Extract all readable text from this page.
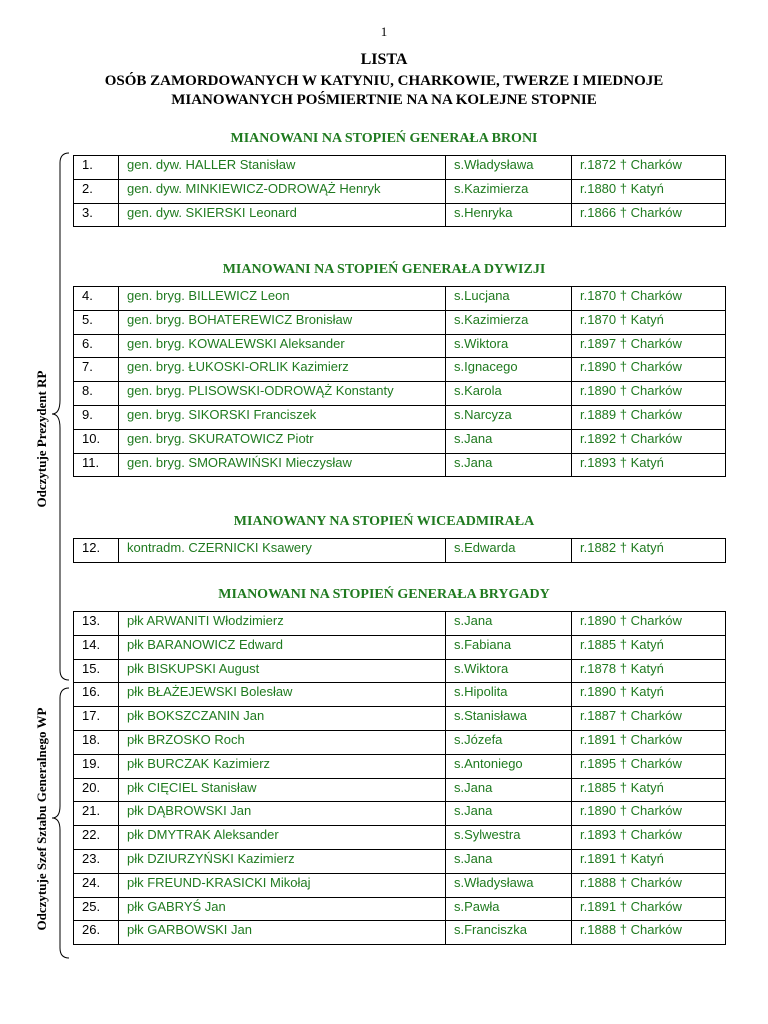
1
LISTA
OSÓB ZAMORDOWANYCH W KATYNIU, CHARKOWIE, TWERZE I MIEDNOJE
MIANOWANYCH POŚMIERTNIE NA NA KOLEJNE STOPNIE
MIANOWANI NA STOPIEŃ GENERAŁA BRONI
1.	gen. dyw. HALLER Stanisław	s.Władysława	r.1872 † Charków
2.	gen. dyw. MINKIEWICZ-ODROWĄŻ Henryk	s.Kazimierza	r.1880 † Katyń
3.	gen. dyw. SKIERSKI Leonard	s.Henryka	r.1866 † Charków
MIANOWANI NA STOPIEŃ GENERAŁA DYWIZJI
4.	gen. bryg. BILLEWICZ Leon	s.Lucjana	r.1870 † Charków
5.	gen. bryg. BOHATEREWICZ Bronisław	s.Kazimierza	r.1870 † Katyń
6.	gen. bryg. KOWALEWSKI Aleksander	s.Wiktora	r.1897 † Charków
7.	gen. bryg. ŁUKOSKI-ORLIK Kazimierz	s.Ignacego	r.1890 † Charków
8.	gen. bryg. PLISOWSKI-ODROWĄŻ Konstanty	s.Karola	r.1890 † Charków
9.	gen. bryg. SIKORSKI Franciszek	s.Narcyza	r.1889 † Charków
10.	gen. bryg. SKURATOWICZ Piotr	s.Jana	r.1892 † Charków
11.	gen. bryg. SMORAWIŃSKI Mieczysław	s.Jana	r.1893 † Katyń
MIANOWANY NA STOPIEŃ WICEADMIRAŁA
12.	kontradm. CZERNICKI Ksawery	s.Edwarda	r.1882 † Katyń
MIANOWANI NA STOPIEŃ GENERAŁA BRYGADY
13.	płk ARWANITI Włodzimierz	s.Jana	r.1890 † Charków
14.	płk BARANOWICZ Edward	s.Fabiana	r.1885 † Katyń
15.	płk BISKUPSKI August	s.Wiktora	r.1878 † Katyń
16.	płk BŁAŻEJEWSKI Bolesław	s.Hipolita	r.1890 † Katyń
17.	płk BOKSZCZANIN Jan	s.Stanisława	r.1887 † Charków
18.	płk BRZOSKO Roch	s.Józefa	r.1891 † Charków
19.	płk BURCZAK Kazimierz	s.Antoniego	r.1895 † Charków
20.	płk CIĘCIEL Stanisław	s.Jana	r.1885 † Katyń
21.	płk DĄBROWSKI Jan	s.Jana	r.1890 † Charków
22.	płk DMYTRAK Aleksander	s.Sylwestra	r.1893 † Charków
23.	płk DZIURZYŃSKI Kazimierz	s.Jana	r.1891 † Katyń
24.	płk FREUND-KRASICKI Mikołaj	s.Władysława	r.1888 † Charków
25.	płk GABRYŚ Jan	s.Pawła	r.1891 † Charków
26.	płk GARBOWSKI Jan	s.Franciszka	r.1888 † Charków
Odczytuje Prezydent RP
Odczytuje Szef Sztabu Generalnego WP
